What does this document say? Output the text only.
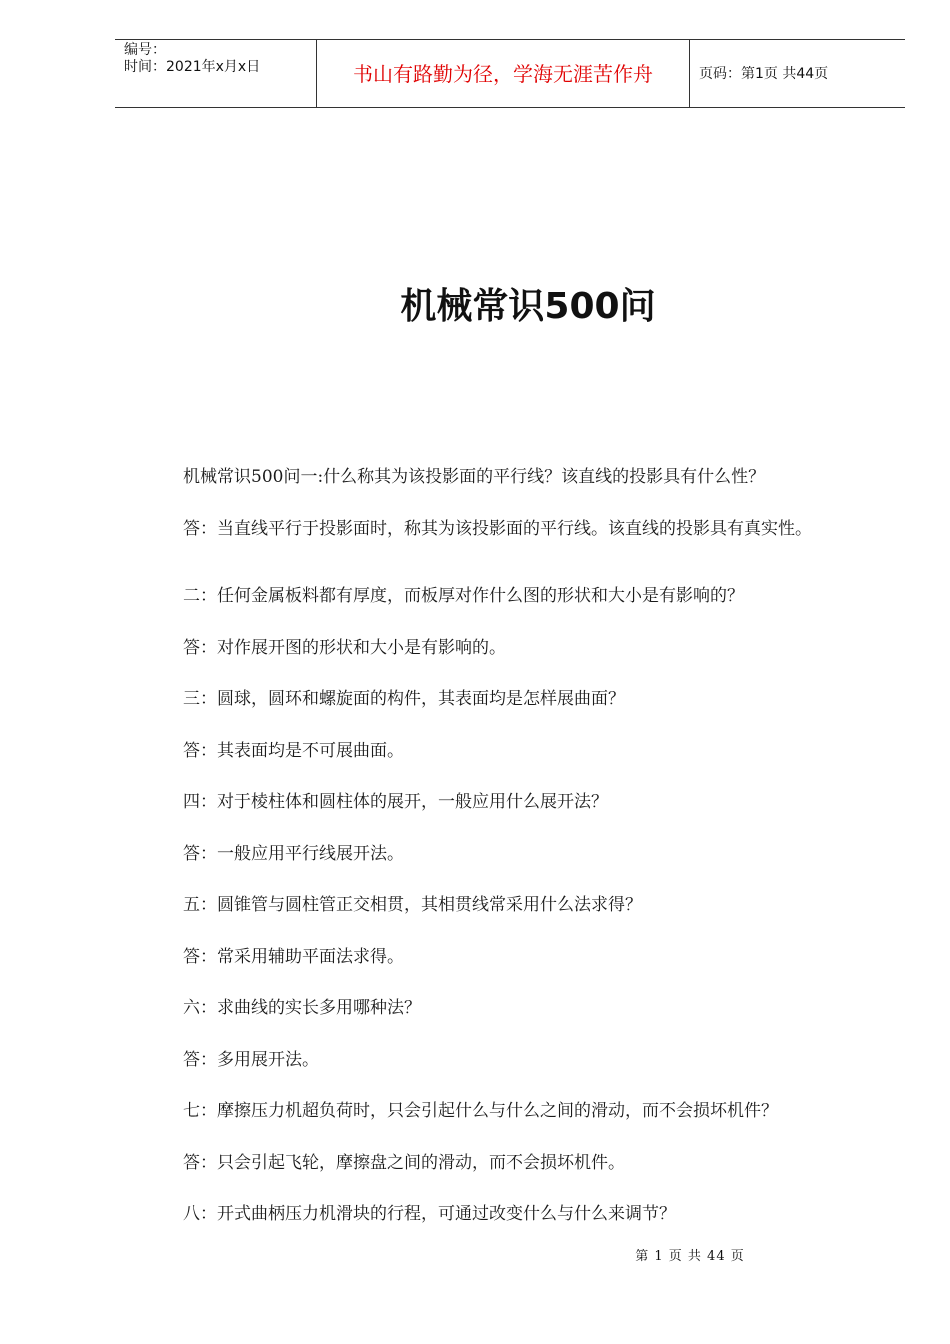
编号：
时间：2021年x月x日	书山有路勤为径，学海无涯苦作舟	页码：第1页 共44页
机械常识500问

机械常识500问一:什么称其为该投影面的平行线？该直线的投影具有什么性？

答：当直线平行于投影面时，称其为该投影面的平行线。该直线的投影具有真实性。

二：任何金属板料都有厚度，而板厚对作什么图的形状和大小是有影响的？

答：对作展开图的形状和大小是有影响的。

三：圆球，圆环和螺旋面的构件，其表面均是怎样展曲面？

答：其表面均是不可展曲面。

四：对于棱柱体和圆柱体的展开，一般应用什么展开法？

答：一般应用平行线展开法。

五：圆锥管与圆柱管正交相贯，其相贯线常采用什么法求得？

答：常采用辅助平面法求得。

六：求曲线的实长多用哪种法？

答：多用展开法。

七：摩擦压力机超负荷时，只会引起什么与什么之间的滑动，而不会损坏机件？

答：只会引起飞轮，摩擦盘之间的滑动，而不会损坏机件。

八：开式曲柄压力机滑块的行程，可通过改变什么与什么来调节？

第 1 页 共 44 页
